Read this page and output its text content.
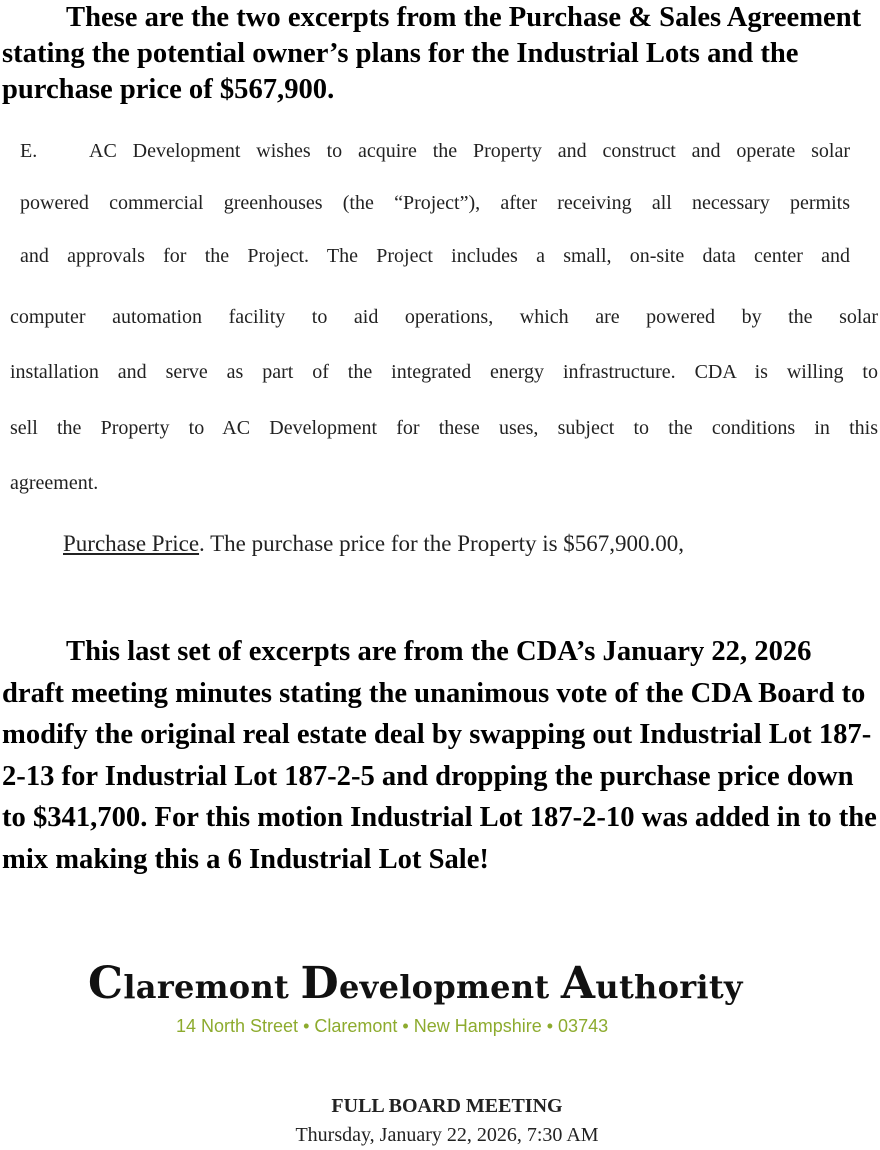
These are the two excerpts from the Purchase & Sales Agreement stating the potential owner’s plans for the Industrial Lots and the purchase price of $567,900.

E.	AC Development wishes to acquire the Property and construct and operate solar
powered commercial greenhouses (the “Project”), after receiving all necessary permits
and approvals for the Project. The Project includes a small, on-site data center and
computer automation facility to aid operations, which are powered by the solar
installation and serve as part of the integrated energy infrastructure. CDA is willing to
sell the Property to AC Development for these uses, subject to the conditions in this
agreement.
Purchase Price. The purchase price for the Property is $567,900.00,

This last set of excerpts are from the CDA’s January 22, 2026 draft meeting minutes stating the unanimous vote of the CDA Board to modify the original real estate deal by swapping out Industrial Lot 187-2-13 for Industrial Lot 187-2-5 and dropping the purchase price down to $341,700. For this motion Industrial Lot 187-2-10 was added in to the mix making this a 6 Industrial Lot Sale!

Claremont Development Authority
14 North Street • Claremont • New Hampshire • 03743
FULL BOARD MEETING
Thursday, January 22, 2026, 7:30 AM
